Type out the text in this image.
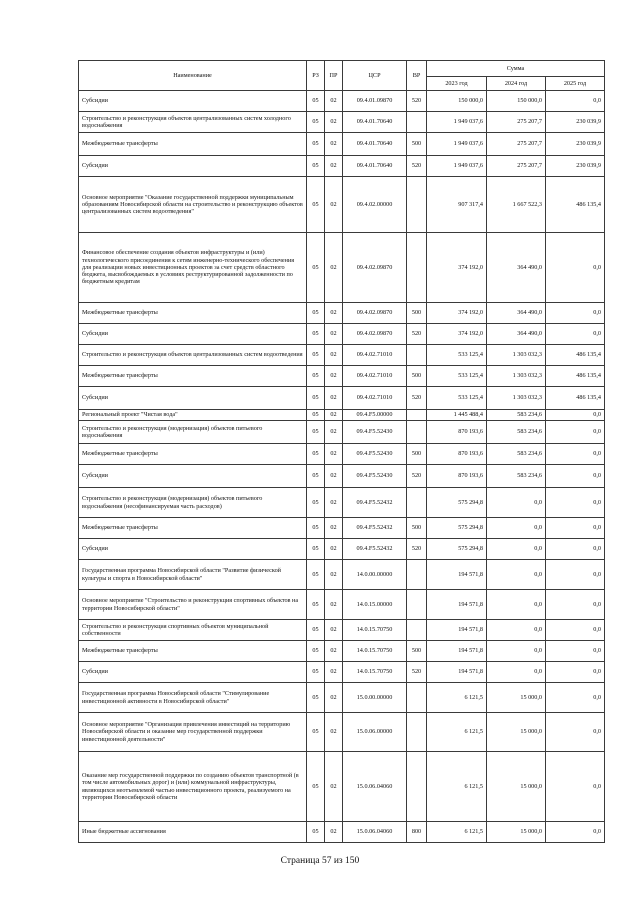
Наименование	РЗ	ПР	ЦСР	ВР	Сумма		
					2023 год	2024 год	2025 год
Субсидии	05	02	09.4.01.09870	520	150 000,0	150 000,0	0,0
Строительство и реконструкция объектов централизованных систем холодного водоснабжения	05	02	09.4.01.70640		1 949 037,6	275 207,7	230 039,9
Межбюджетные трансферты	05	02	09.4.01.70640	500	1 949 037,6	275 207,7	230 039,9
Субсидии	05	02	09.4.01.70640	520	1 949 037,6	275 207,7	230 039,9
Основное мероприятие "Оказание государственной поддержки муниципальным образованиям Новосибирской области на строительство и реконструкцию объектов централизованных систем водоотведения"	05	02	09.4.02.00000		907 317,4	1 667 522,3	486 135,4
Финансовое обеспечение создания объектов инфраструктуры и (или) технологического присоединения к сетям инженерно-технического обеспечения для реализации новых инвестиционных проектов за счет средств областного бюджета, высвобождаемых в условиях реструктурированной задолженности по бюджетным кредитам	05	02	09.4.02.09870		374 192,0	364 490,0	0,0
Межбюджетные трансферты	05	02	09.4.02.09870	500	374 192,0	364 490,0	0,0
Субсидии	05	02	09.4.02.09870	520	374 192,0	364 490,0	0,0
Строительство и реконструкция объектов централизованных систем водоотведения	05	02	09.4.02.71010		533 125,4	1 303 032,3	486 135,4
Межбюджетные трансферты	05	02	09.4.02.71010	500	533 125,4	1 303 032,3	486 135,4
Субсидии	05	02	09.4.02.71010	520	533 125,4	1 303 032,3	486 135,4
Региональный проект "Чистая вода"	05	02	09.4.F5.00000		1 445 488,4	583 234,6	0,0
Строительство и реконструкция (модернизация) объектов питьевого водоснабжения	05	02	09.4.F5.52430		870 193,6	583 234,6	0,0
Межбюджетные трансферты	05	02	09.4.F5.52430	500	870 193,6	583 234,6	0,0
Субсидии	05	02	09.4.F5.52430	520	870 193,6	583 234,6	0,0
Строительство и реконструкция (модернизация) объектов питьевого водоснабжения (несофинансируемая часть расходов)	05	02	09.4.F5.52432		575 294,8	0,0	0,0
Межбюджетные трансферты	05	02	09.4.F5.52432	500	575 294,8	0,0	0,0
Субсидии	05	02	09.4.F5.52432	520	575 294,8	0,0	0,0
Государственная программа Новосибирской области "Развитие физической культуры и спорта в Новосибирской области"	05	02	14.0.00.00000		194 571,8	0,0	0,0
Основное мероприятие "Строительство и реконструкция спортивных объектов на территории Новосибирской области"	05	02	14.0.15.00000		194 571,8	0,0	0,0
Строительство и реконструкция спортивных объектов муниципальной собственности	05	02	14.0.15.70750		194 571,8	0,0	0,0
Межбюджетные трансферты	05	02	14.0.15.70750	500	194 571,8	0,0	0,0
Субсидии	05	02	14.0.15.70750	520	194 571,8	0,0	0,0
Государственная программа Новосибирской области "Стимулирование инвестиционной активности в Новосибирской области"	05	02	15.0.00.00000		6 121,5	15 000,0	0,0
Основное мероприятие "Организация привлечения инвестиций на территорию Новосибирской области и оказание мер государственной поддержки инвестиционной деятельности"	05	02	15.0.06.00000		6 121,5	15 000,0	0,0
Оказание мер государственной поддержки по созданию объектов транспортной (в том числе автомобильных дорог) и (или) коммунальной инфраструктуры, являющихся неотъемлемой частью инвестиционного проекта, реализуемого на территории Новосибирской области	05	02	15.0.06.04060		6 121,5	15 000,0	0,0
Иные бюджетные ассигнования	05	02	15.0.06.04060	800	6 121,5	15 000,0	0,0
Страница 57 из 150
